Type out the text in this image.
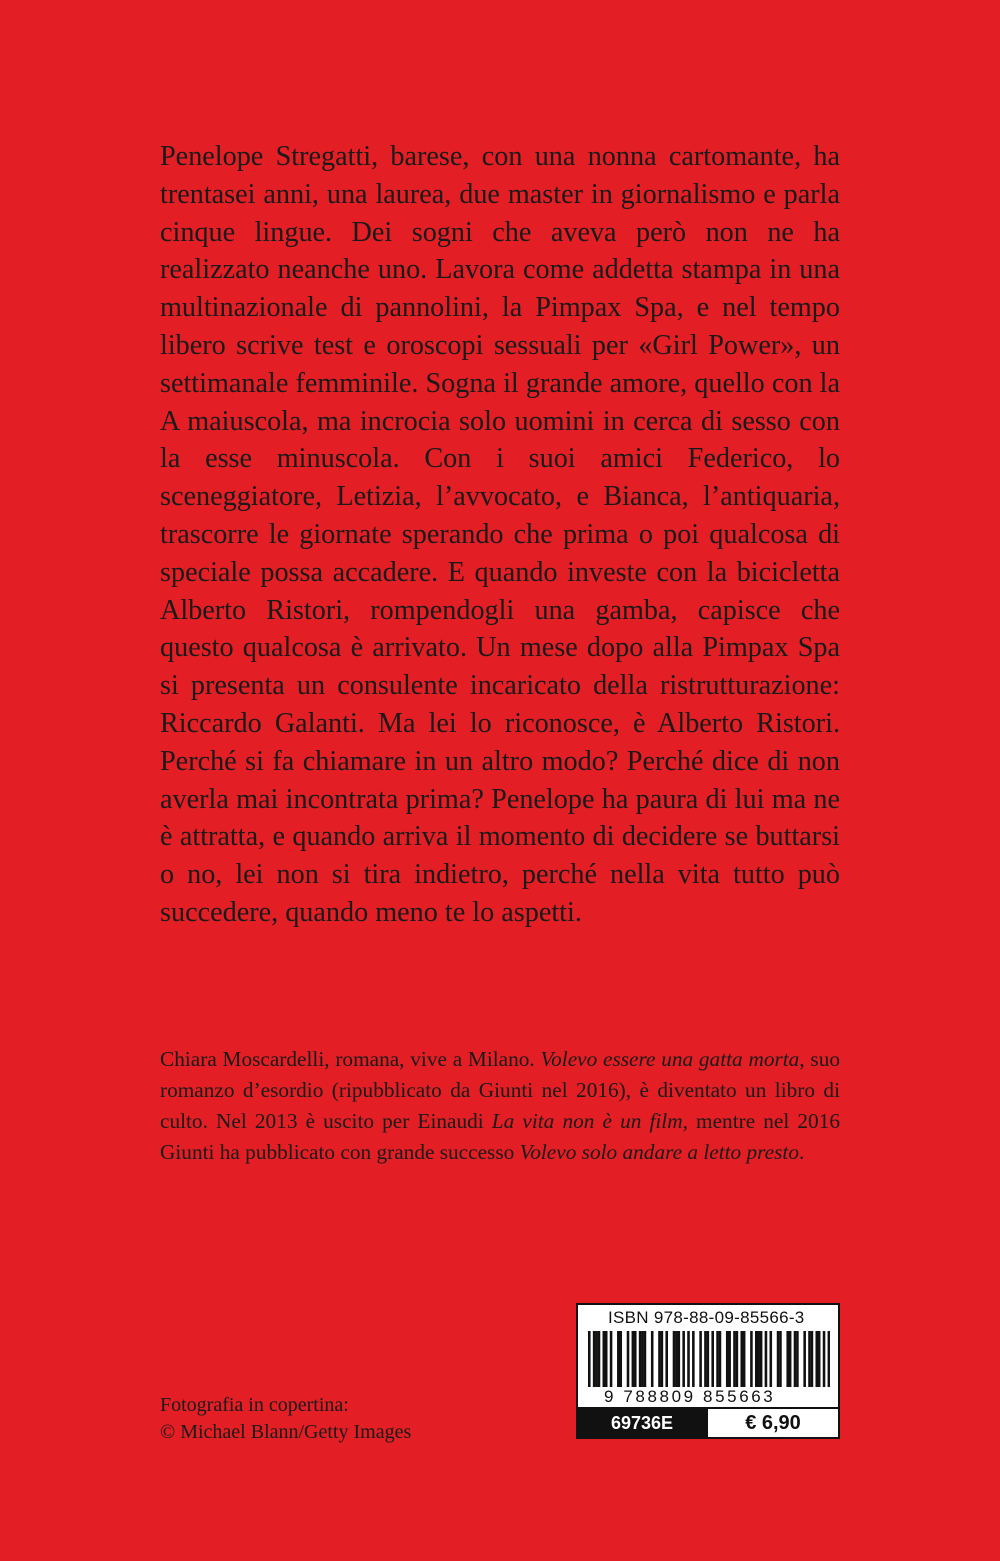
Penelope Stregatti, barese, con una nonna cartomante, ha trentasei anni, una laurea, due master in giornalismo e parla cinque lingue. Dei sogni che aveva però non ne ha realizzato neanche uno. Lavora come addetta stampa in una multinazionale di pannolini, la Pimpax Spa, e nel tempo libero scrive test e oroscopi sessuali per «Girl Power», un settimanale femminile. Sogna il grande amore, quello con la A maiuscola, ma incrocia solo uomini in cerca di sesso con la esse minuscola. Con i suoi amici Federico, lo sceneggiatore, Letizia, l’avvocato, e Bianca, l’antiquaria, trascorre le giornate sperando che prima o poi qualcosa di speciale possa accadere. E quando investe con la bicicletta Alberto Ristori, rompendogli una gamba, capisce che questo qualcosa è arrivato. Un mese dopo alla Pimpax Spa si presenta un consulente incaricato della ristrutturazione: Riccardo Galanti. Ma lei lo riconosce, è Alberto Ristori. Perché si fa chiamare in un altro modo? Perché dice di non averla mai incontrata prima? Penelope ha paura di lui ma ne è attratta, e quando arriva il momento di decidere se buttarsi o no, lei non si tira indietro, perché nella vita tutto può succedere, quando meno te lo aspetti.

Chiara Moscardelli, romana, vive a Milano. Volevo essere una gatta morta, suo romanzo d’esordio (ripubblicato da Giunti nel 2016), è diventato un libro di culto. Nel 2013 è uscito per Einaudi La vita non è un film, mentre nel 2016 Giunti ha pubblicato con grande successo Volevo solo andare a letto presto.

Fotografia in copertina:
© Michael Blann/Getty Images
ISBN 978-88-09-85566-3
9 788809 855663
69736E	€ 6,90
